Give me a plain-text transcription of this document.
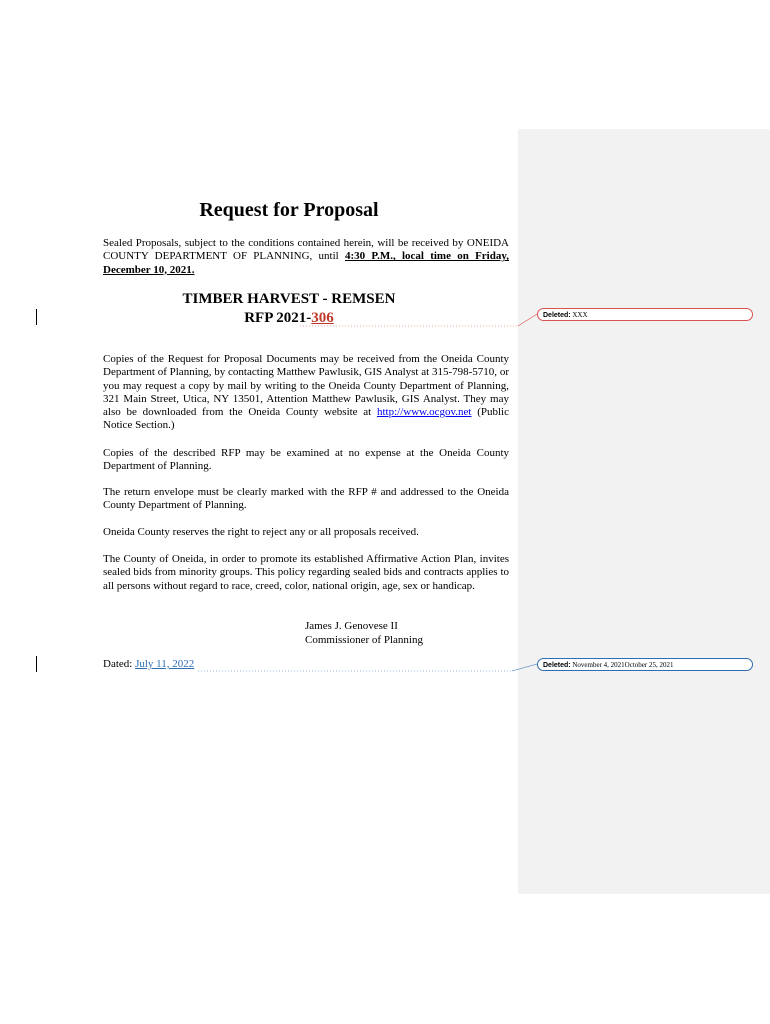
Request for Proposal
Sealed Proposals, subject to the conditions contained herein, will be received by ONEIDA COUNTY DEPARTMENT OF PLANNING, until 4:30 P.M., local time on Friday, December 10, 2021.
TIMBER HARVEST - REMSEN
RFP 2021-306
Copies of the Request for Proposal Documents may be received from the Oneida County Department of Planning, by contacting Matthew Pawlusik, GIS Analyst at 315-798-5710, or you may request a copy by mail by writing to the Oneida County Department of Planning, 321 Main Street, Utica, NY 13501, Attention Matthew Pawlusik, GIS Analyst. They may also be downloaded from the Oneida County website at http://www.ocgov.net (Public Notice Section.)
Copies of the described RFP may be examined at no expense at the Oneida County Department of Planning.
The return envelope must be clearly marked with the RFP # and addressed to the Oneida County Department of Planning.
Oneida County reserves the right to reject any or all proposals received.
The County of Oneida, in order to promote its established Affirmative Action Plan, invites sealed bids from minority groups. This policy regarding sealed bids and contracts applies to all persons without regard to race, creed, color, national origin, age, sex or handicap.
James J. Genovese II
Commissioner of Planning
Dated: July 11, 2022
Deleted: XXX
Deleted: November 4, 2021October 25, 2021
